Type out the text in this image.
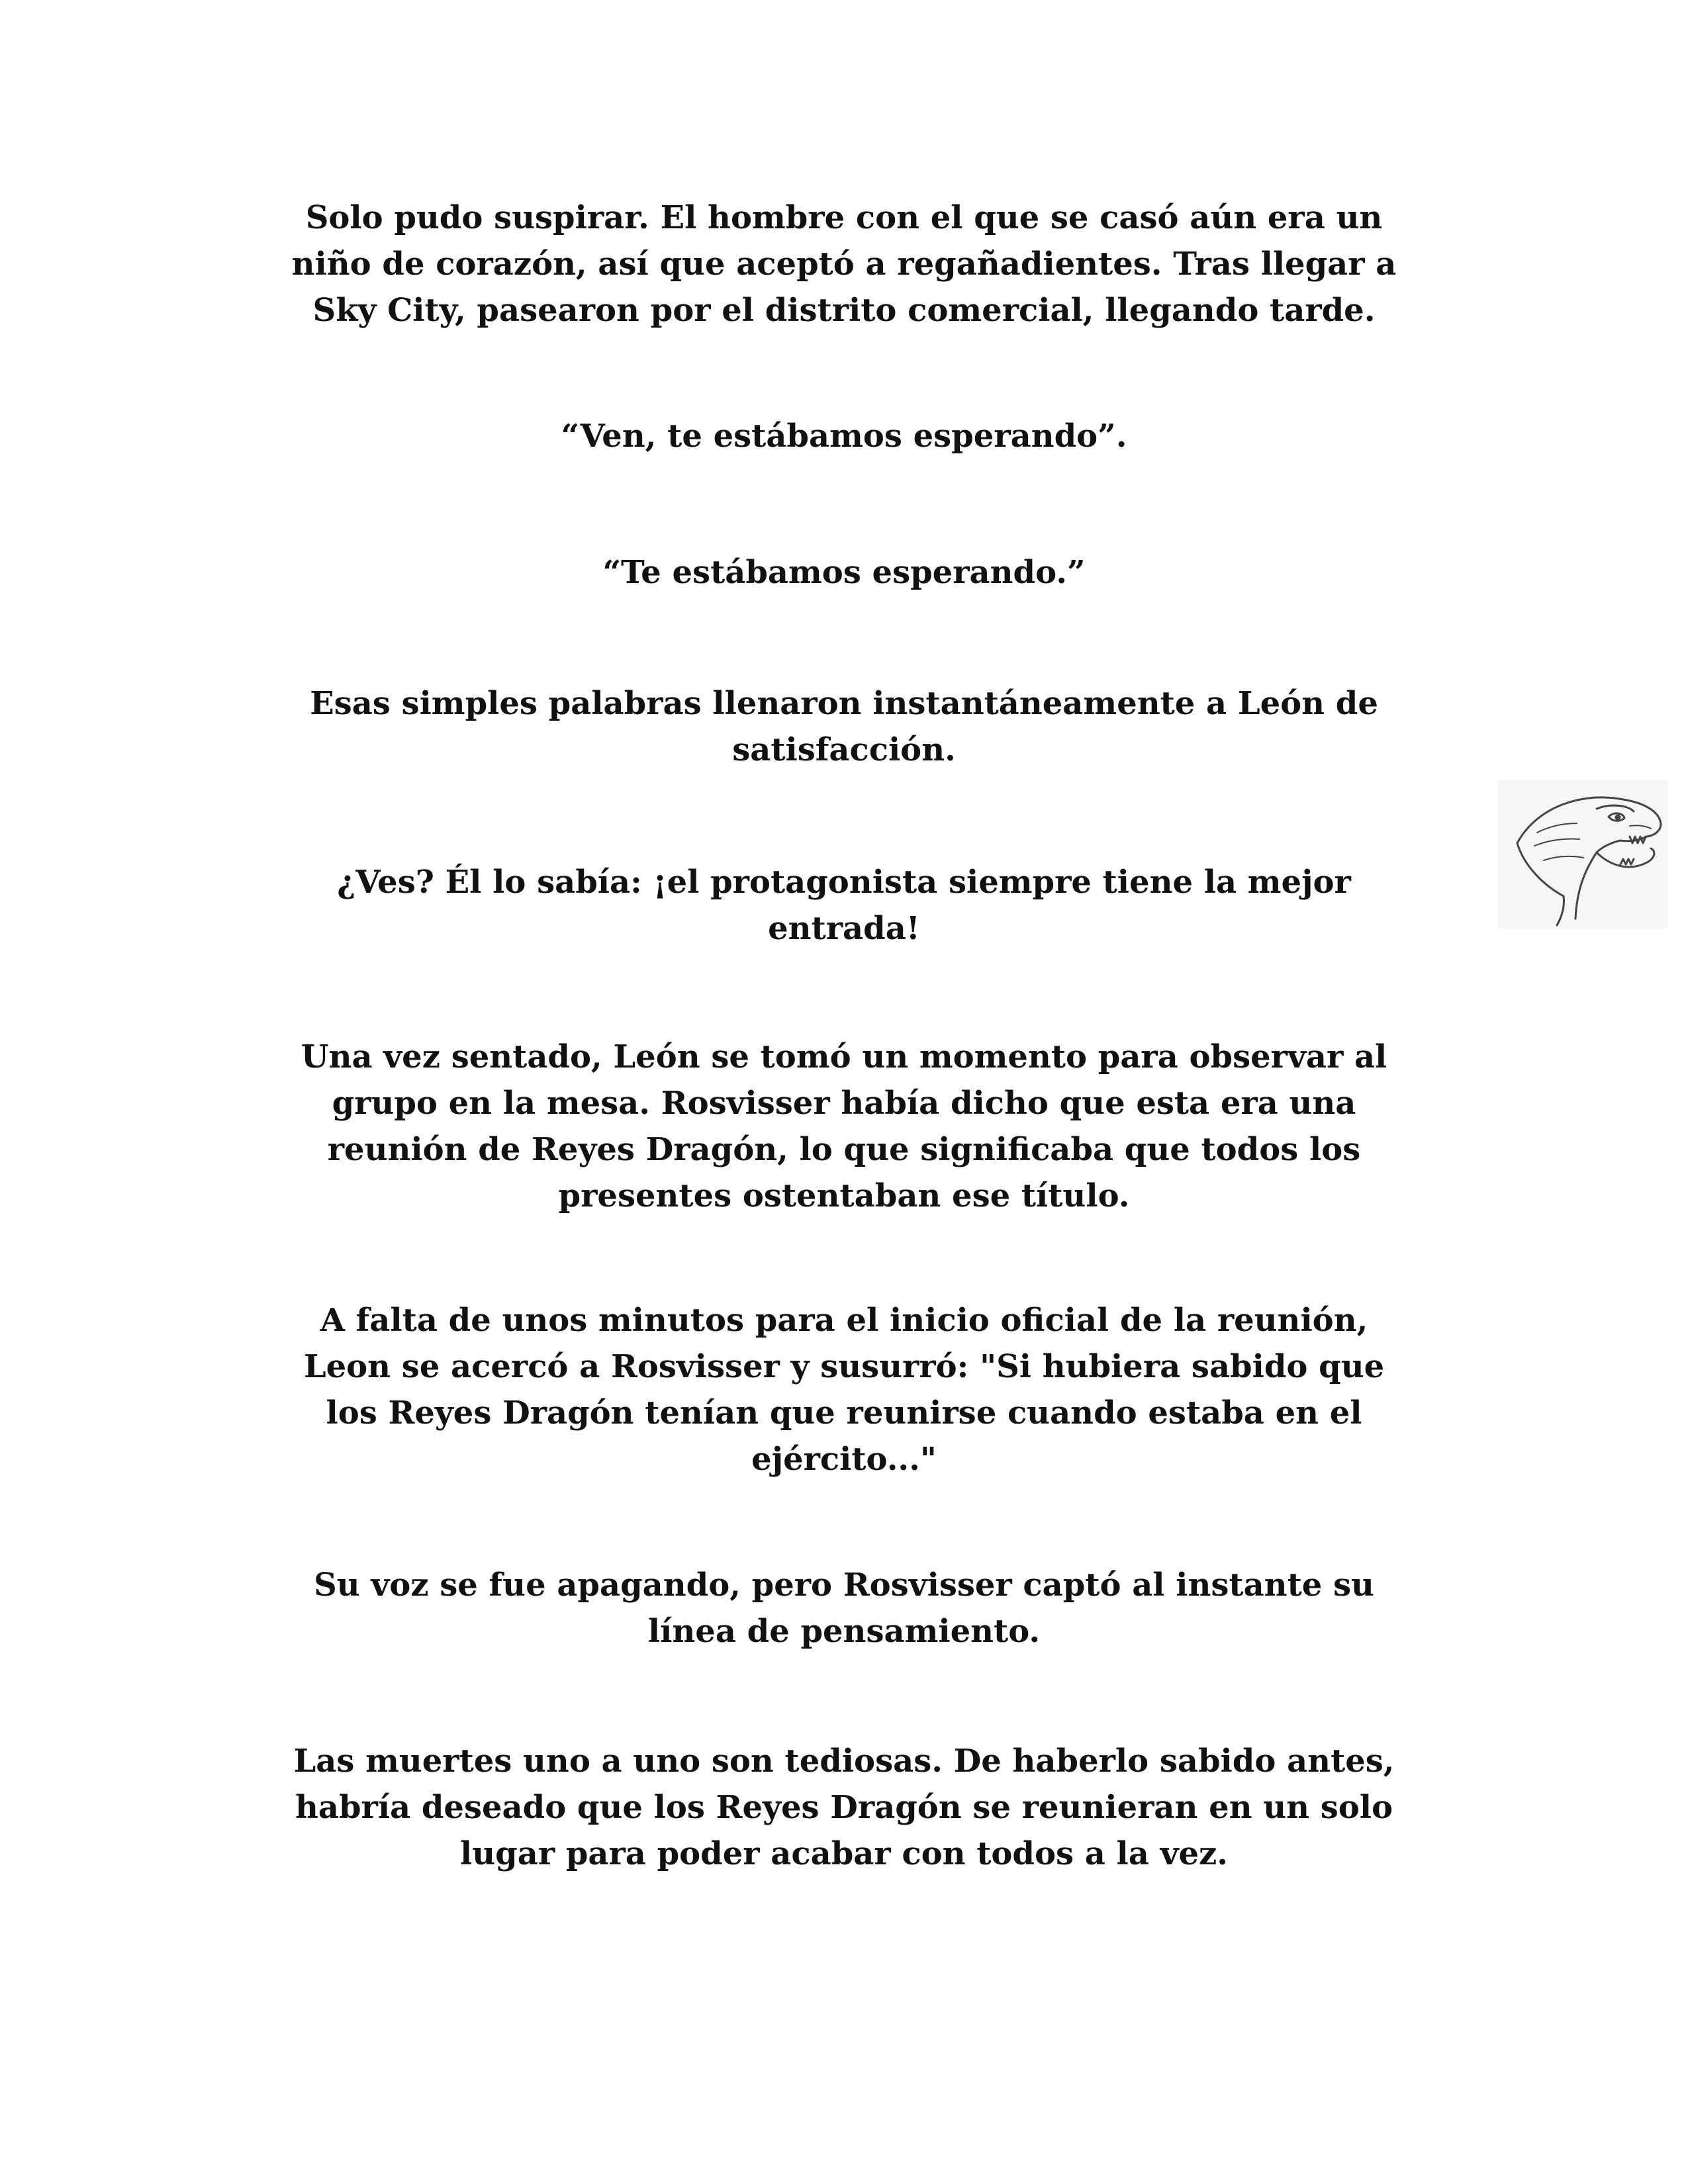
Solo pudo suspirar. El hombre con el que se casó aún era un
niño de corazón, así que aceptó a regañadientes. Tras llegar a
Sky City, pasearon por el distrito comercial, llegando tarde.

“Ven, te estábamos esperando”.

“Te estábamos esperando.”

Esas simples palabras llenaron instantáneamente a León de
satisfacción.

¿Ves? Él lo sabía: ¡el protagonista siempre tiene la mejor
entrada!

Una vez sentado, León se tomó un momento para observar al
grupo en la mesa. Rosvisser había dicho que esta era una
reunión de Reyes Dragón, lo que significaba que todos los
presentes ostentaban ese título.

A falta de unos minutos para el inicio oficial de la reunión,
Leon se acercó a Rosvisser y susurró: "Si hubiera sabido que
los Reyes Dragón tenían que reunirse cuando estaba en el
ejército..."

Su voz se fue apagando, pero Rosvisser captó al instante su
línea de pensamiento.

Las muertes uno a uno son tediosas. De haberlo sabido antes,
habría deseado que los Reyes Dragón se reunieran en un solo
lugar para poder acabar con todos a la vez.
